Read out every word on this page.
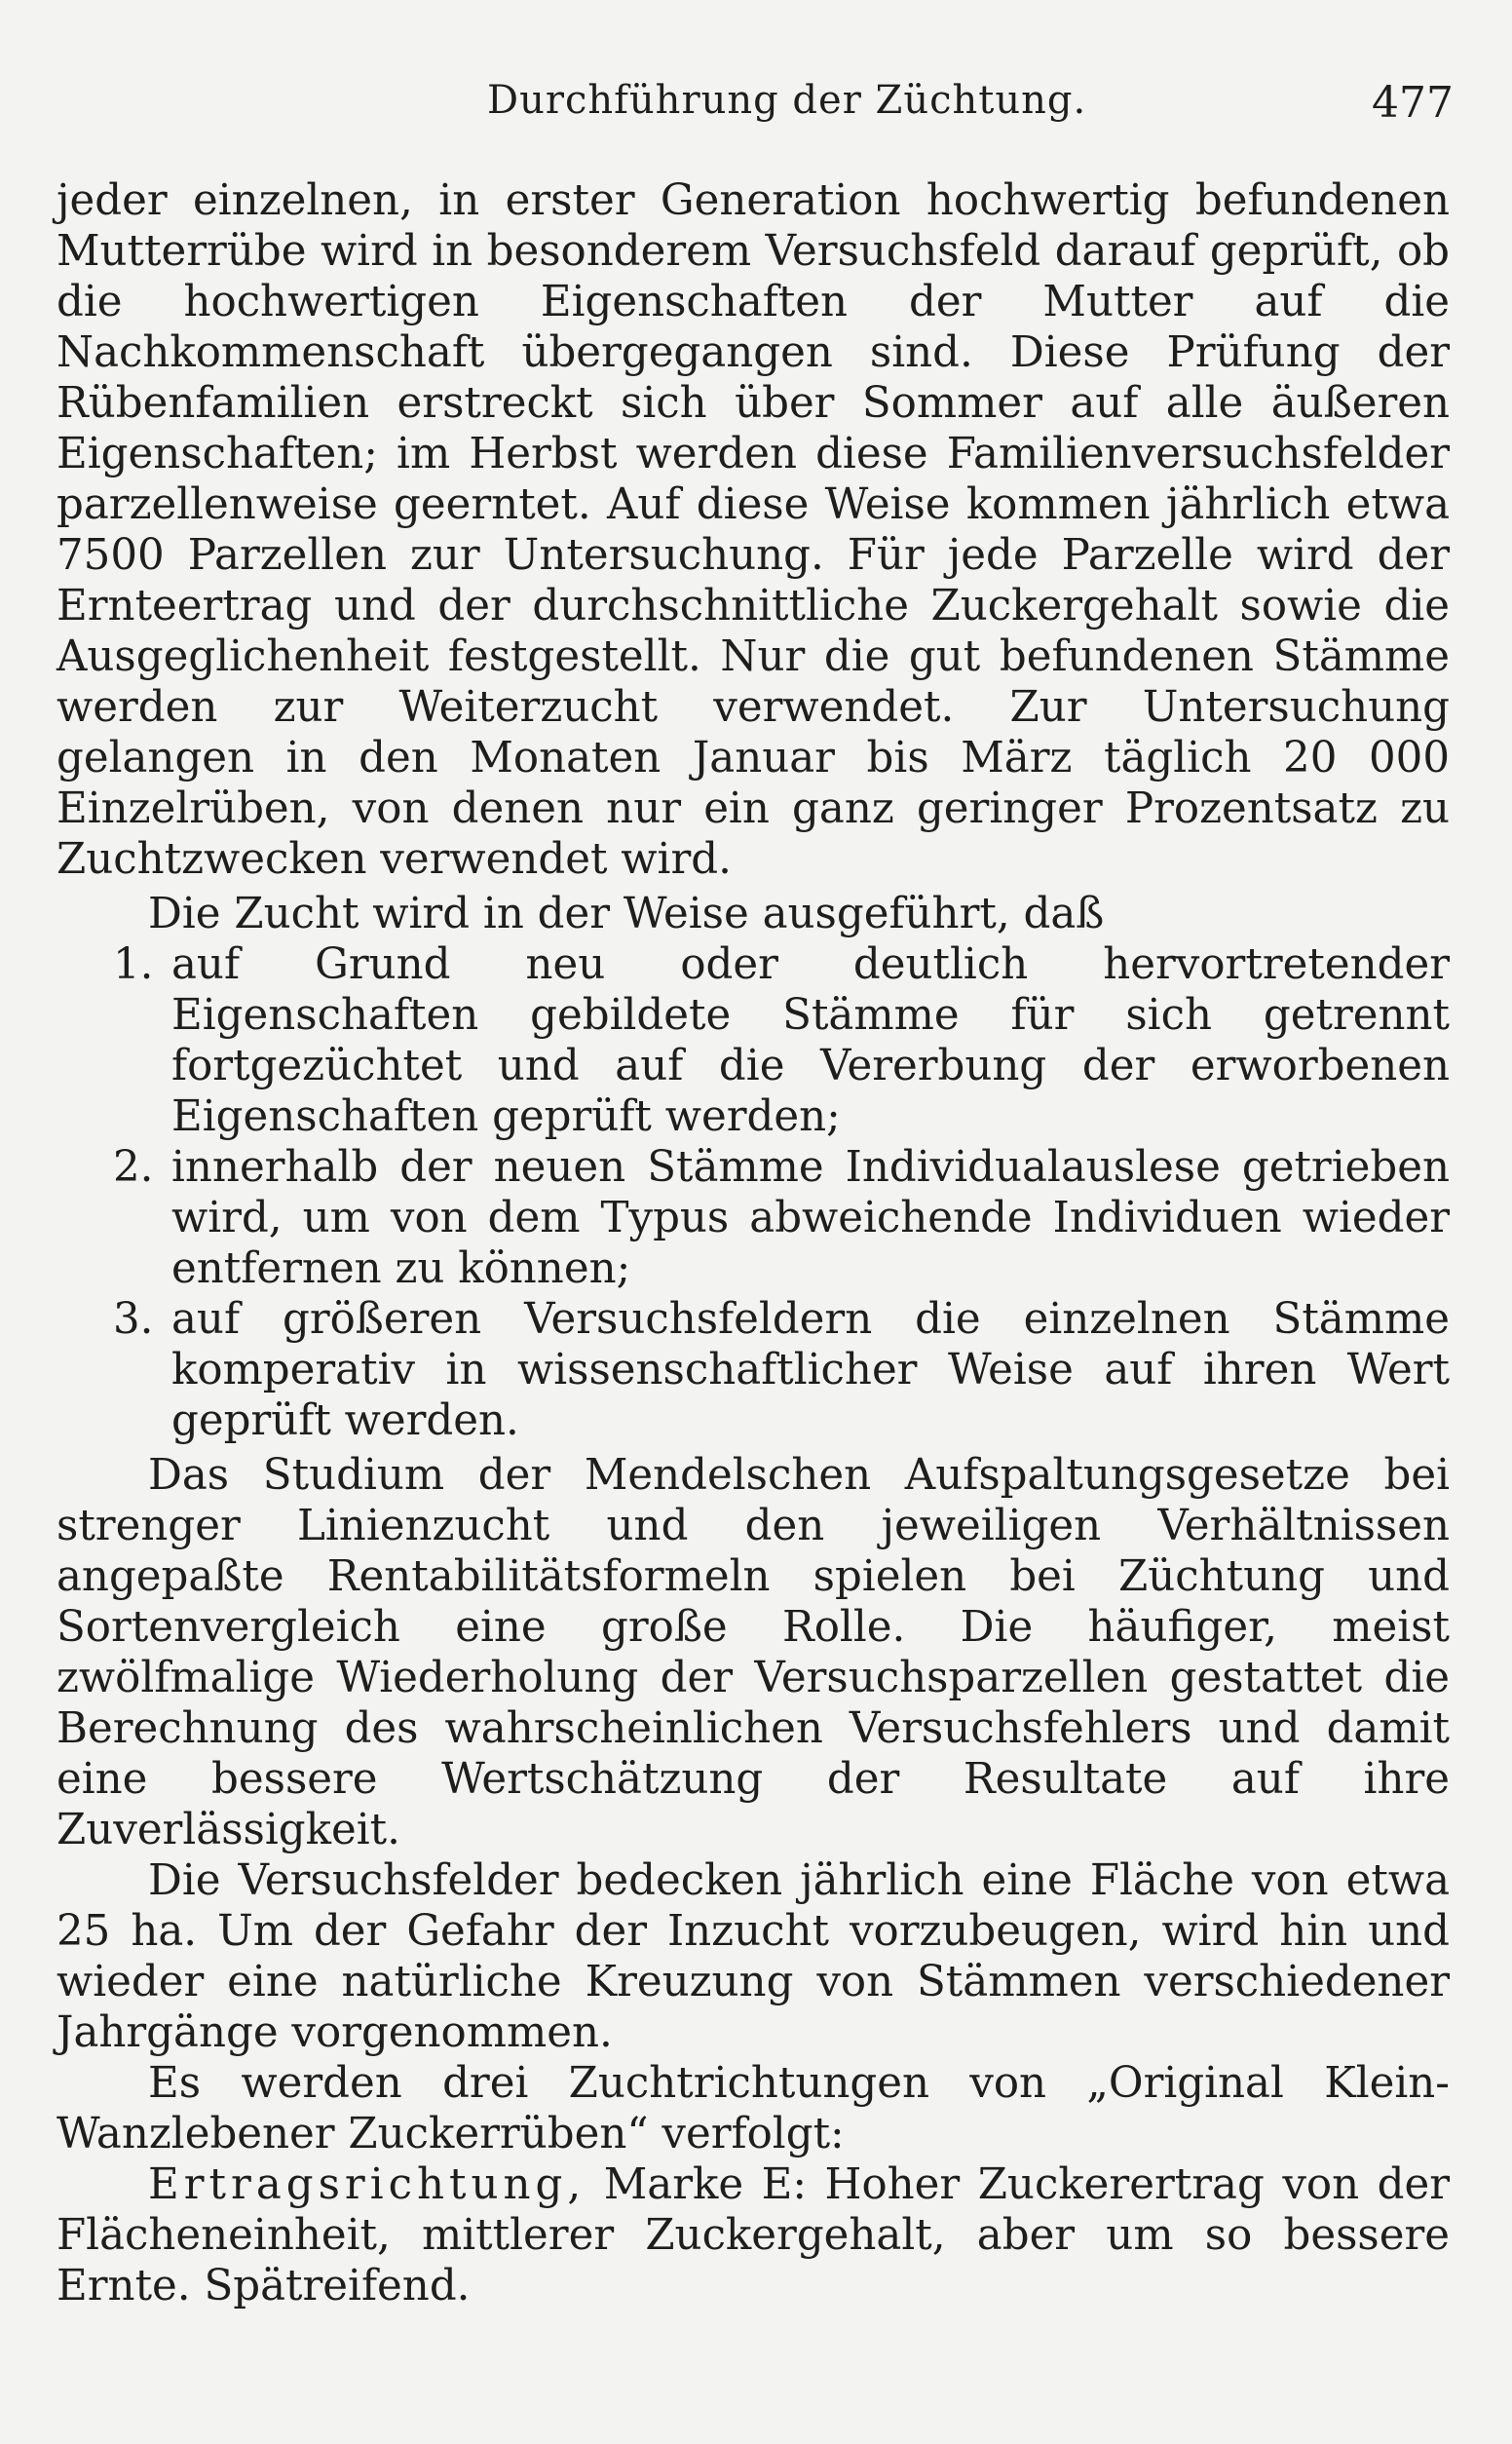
Durchführung der Züchtung.	477

jeder einzelnen, in erster Generation hochwertig befundenen Mutterrübe wird in besonderem Versuchsfeld darauf geprüft, ob die hochwertigen Eigenschaften der Mutter auf die Nachkommenschaft übergegangen sind. Diese Prüfung der Rübenfamilien erstreckt sich über Sommer auf alle äußeren Eigenschaften; im Herbst werden diese Familienversuchsfelder parzellenweise geerntet. Auf diese Weise kommen jährlich etwa 7500 Parzellen zur Untersuchung. Für jede Parzelle wird der Ernteertrag und der durchschnittliche Zuckergehalt sowie die Ausgeglichenheit festgestellt. Nur die gut befundenen Stämme werden zur Weiterzucht verwendet. Zur Untersuchung gelangen in den Monaten Januar bis März täglich 20 000 Einzelrüben, von denen nur ein ganz geringer Prozentsatz zu Zuchtzwecken verwendet wird.

Die Zucht wird in der Weise ausgeführt, daß

1. auf Grund neu oder deutlich hervortretender Eigenschaften gebildete Stämme für sich getrennt fortgezüchtet und auf die Vererbung der erworbenen Eigenschaften geprüft werden;
2. innerhalb der neuen Stämme Individualauslese getrieben wird, um von dem Typus abweichende Individuen wieder entfernen zu können;
3. auf größeren Versuchsfeldern die einzelnen Stämme komperativ in wissenschaftlicher Weise auf ihren Wert geprüft werden.

Das Studium der Mendelschen Aufspaltungsgesetze bei strenger Linienzucht und den jeweiligen Verhältnissen angepaßte Rentabilitätsformeln spielen bei Züchtung und Sortenvergleich eine große Rolle. Die häufiger, meist zwölfmalige Wiederholung der Versuchsparzellen gestattet die Berechnung des wahrscheinlichen Versuchsfehlers und damit eine bessere Wertschätzung der Resultate auf ihre Zuverlässigkeit.

Die Versuchsfelder bedecken jährlich eine Fläche von etwa 25 ha. Um der Gefahr der Inzucht vorzubeugen, wird hin und wieder eine natürliche Kreuzung von Stämmen verschiedener Jahrgänge vorgenommen.

Es werden drei Zuchtrichtungen von „Original Klein-Wanzlebener Zuckerrüben“ verfolgt:

Ertragsrichtung, Marke E: Hoher Zuckerertrag von der Flächeneinheit, mittlerer Zuckergehalt, aber um so bessere Ernte. Spätreifend.
